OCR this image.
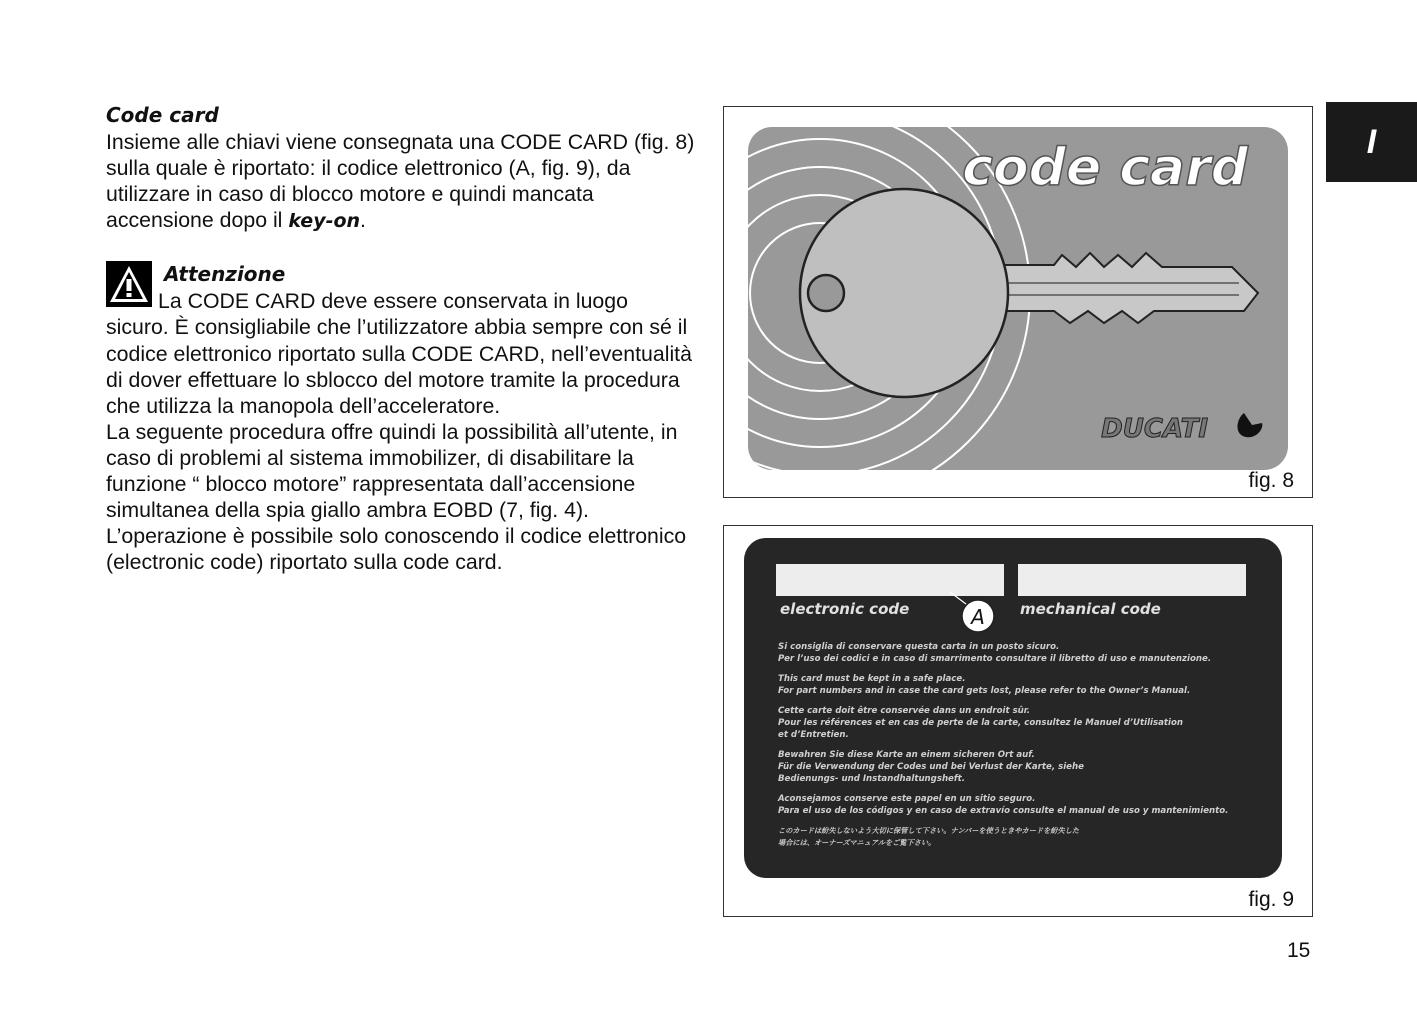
I
Code card

Insieme alle chiavi viene consegnata una CODE CARD (fig. 8) sulla quale è riportato: il codice elettronico (A, fig. 9), da utilizzare in caso di blocco motore e quindi mancata accensione dopo il key-on.

Attenzione

La CODE CARD deve essere conservata in luogo sicuro. È consigliabile che l’utilizzatore abbia sempre con sé il codice elettronico riportato sulla CODE CARD, nell’eventualità di dover effettuare lo sblocco del motore tramite la procedura che utilizza la manopola dell’acceleratore.

La seguente procedura offre quindi la possibilità all’utente, in caso di problemi al sistema immobilizer, di disabilitare la funzione “ blocco motore” rappresentata dall’accensione simultanea della spia giallo ambra EOBD (7, fig. 4).

L’operazione è possibile solo conoscendo il codice elettronico (electronic code) riportato sulla code card.

code card
DUCATI
fig. 8
electronic code	mechanical code
A
Si consiglia di conservare questa carta in un posto sicuro.
Per l’uso dei codici e in caso di smarrimento consultare il libretto di uso e manutenzione.
This card must be kept in a safe place.
For part numbers and in case the card gets lost, please refer to the Owner’s Manual.
Cette carte doit être conservée dans un endroit sûr.
Pour les références et en cas de perte de la carte, consultez le Manuel d’Utilisation
et d’Entretien.
Bewahren Sie diese Karte an einem sicheren Ort auf.
Für die Verwendung der Codes und bei Verlust der Karte, siehe
Bedienungs- und Instandhaltungsheft.
Aconsejamos conserve este papel en un sitio seguro.
Para el uso de los códigos y en caso de extravío consulte el manual de uso y mantenimiento.
このカードは紛失しないよう大切に保管して下さい。ナンバーを使うときやカードを紛失した
場合には、オーナーズマニュアルをご覧下さい。
fig. 9
15
